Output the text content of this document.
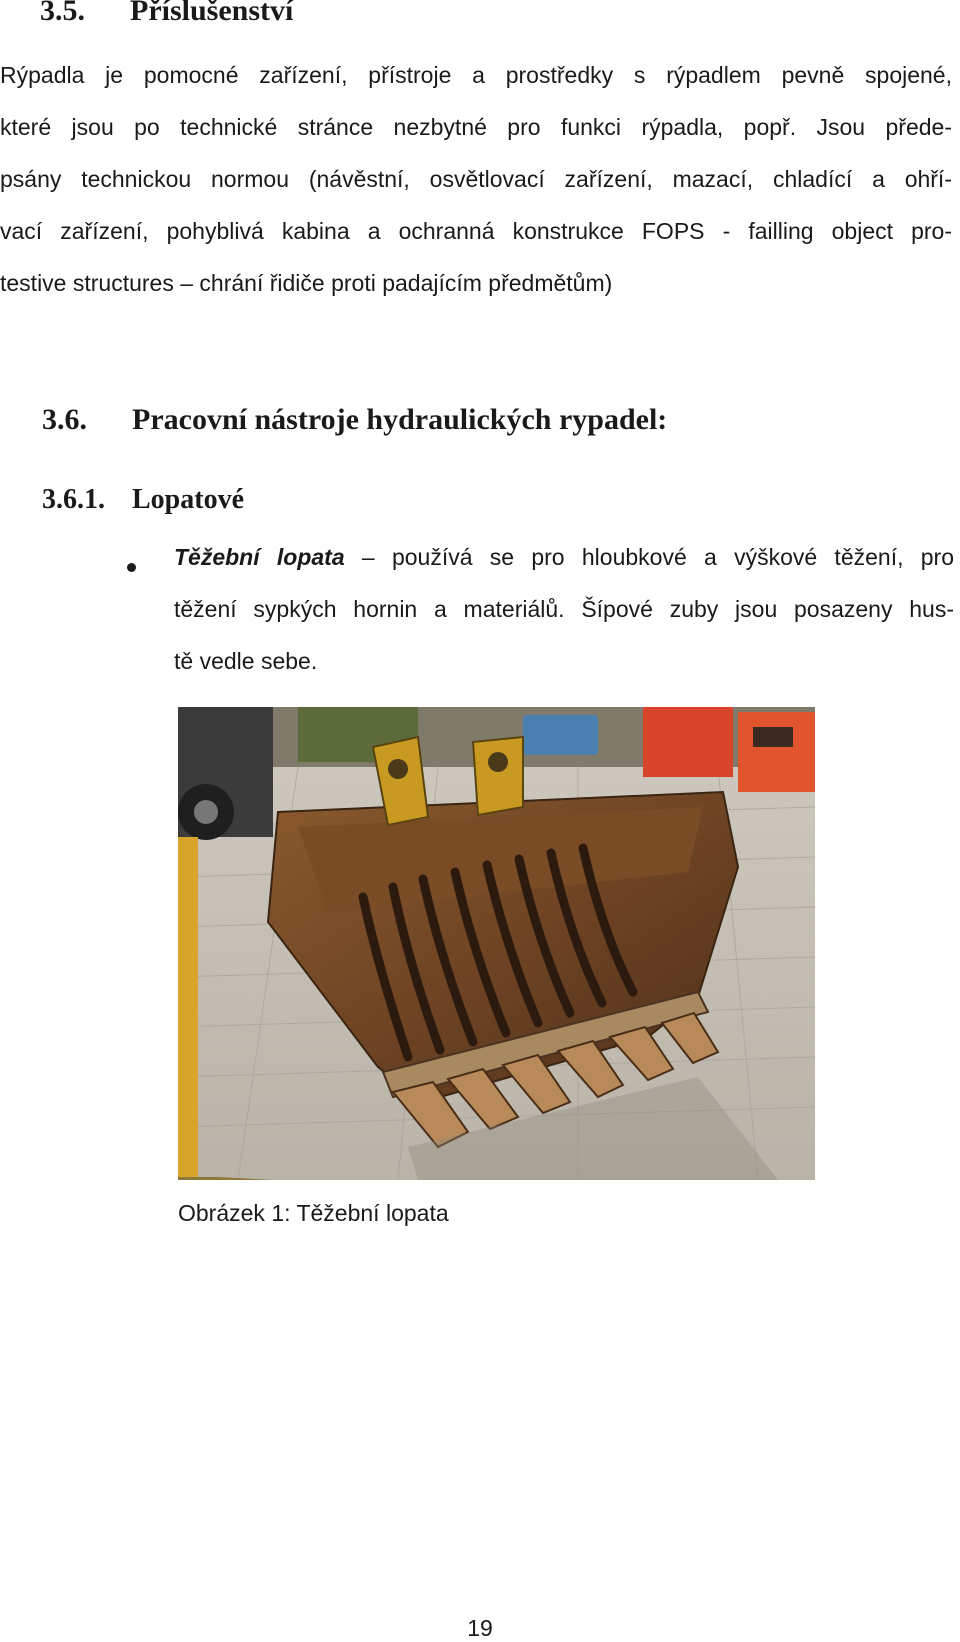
3.5. Příslušenství
Rýpadla je pomocné zařízení, přístroje a prostředky s rýpadlem pevně spojené,
které jsou po technické stránce nezbytné pro funkci rýpadla, popř. Jsou přede-
psány technickou normou (návěstní, osvětlovací zařízení, mazací, chladící a ohří-
vací zařízení, pohyblivá kabina a ochranná konstrukce FOPS - failling object pro-
testive structures – chrání řidiče proti padajícím předmětům)
3.6. Pracovní nástroje hydraulických rypadel:
3.6.1. Lopatové
Těžební lopata – používá se pro hloubkové a výškové těžení, pro
těžení sypkých hornin a materiálů. Šípové zuby jsou posazeny hus-
tě vedle sebe.
Obrázek 1: Těžební lopata
19
